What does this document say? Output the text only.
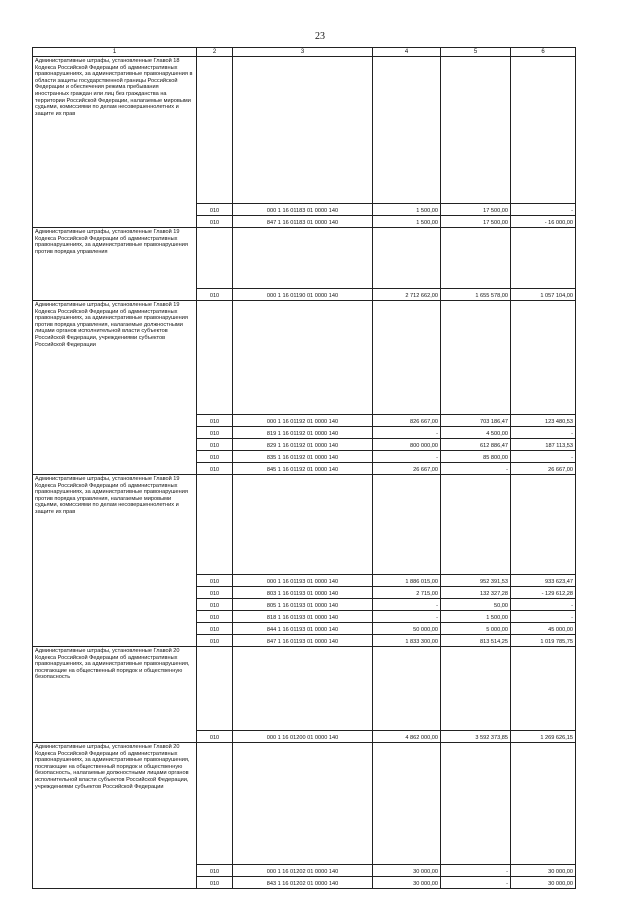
23
1	2	3	4	5	6
Административные штрафы, установленные Главой 18 Кодекса Российской Федерации об административных правонарушениях, за административные правонарушения в области защиты государственной границы Российской Федерации и обеспечения режима пребывания иностранных граждан или лиц без гражданства на территории Российской Федерации, налагаемые мировыми судьями, комиссиями по делам несовершеннолетних и защите их прав					
	010	000 1 16 01183 01 0000 140	1 500,00	17 500,00	-
	010	847 1 16 01183 01 0000 140	1 500,00	17 500,00	- 16 000,00
Административные штрафы, установленные Главой 19 Кодекса Российской Федерации об административных правонарушениях, за административные правонарушения против порядка управления					
	010	000 1 16 01190 01 0000 140	2 712 662,00	1 655 578,00	1 057 104,00
Административные штрафы, установленные Главой 19 Кодекса Российской Федерации об административных правонарушениях, за административные правонарушения против порядка управления, налагаемые должностными лицами органов исполнительной власти субъектов Российской Федерации, учреждениями субъектов Российской Федерации					
	010	000 1 16 01192 01 0000 140	826 667,00	703 186,47	123 480,53
	010	819 1 16 01192 01 0000 140	-	4 500,00	-
	010	829 1 16 01192 01 0000 140	800 000,00	612 886,47	187 113,53
	010	835 1 16 01192 01 0000 140	-	85 800,00	-
	010	845 1 16 01192 01 0000 140	26 667,00	-	26 667,00
Административные штрафы, установленные Главой 19 Кодекса Российской Федерации об административных правонарушениях, за административные правонарушения против порядка управления, налагаемые мировыми судьями, комиссиями по делам несовершеннолетних и защите их прав					
	010	000 1 16 01193 01 0000 140	1 886 015,00	952 391,53	933 623,47
	010	803 1 16 01193 01 0000 140	2 715,00	132 327,28	- 129 612,28
	010	805 1 16 01193 01 0000 140	-	50,00	-
	010	818 1 16 01193 01 0000 140	-	1 500,00	-
	010	844 1 16 01193 01 0000 140	50 000,00	5 000,00	45 000,00
	010	847 1 16 01193 01 0000 140	1 833 300,00	813 514,25	1 019 785,75
Административные штрафы, установленные Главой 20 Кодекса Российской Федерации об административных правонарушениях, за административные правонарушения, посягающие на общественный порядок и общественную безопасность					
	010	000 1 16 01200 01 0000 140	4 862 000,00	3 592 373,85	1 269 626,15
Административные штрафы, установленные Главой 20 Кодекса Российской Федерации об административных правонарушениях, за административные правонарушения, посягающие на общественный порядок и общественную безопасность, налагаемые должностными лицами органов исполнительной власти субъектов Российской Федерации, учреждениями субъектов Российской Федерации					
	010	000 1 16 01202 01 0000 140	30 000,00	-	30 000,00
	010	843 1 16 01202 01 0000 140	30 000,00	-	30 000,00
